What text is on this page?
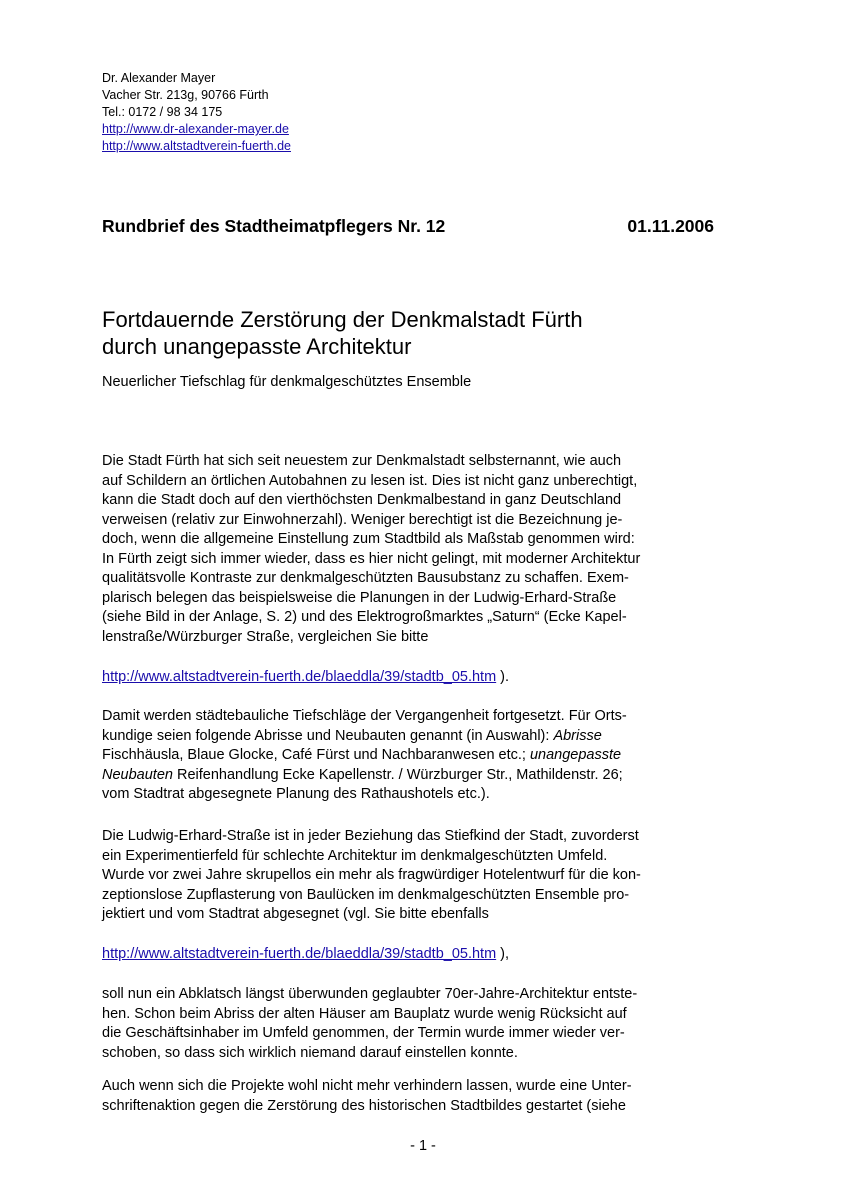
Dr. Alexander Mayer
Vacher Str. 213g, 90766 Fürth
Tel.: 0172 / 98 34 175
http://www.dr-alexander-mayer.de
http://www.altstadtverein-fuerth.de
Rundbrief des Stadtheimatpflegers Nr. 12	01.11.2006
Fortdauernde Zerstörung der Denkmalstadt Fürth
durch unangepasste Architektur
Neuerlicher Tiefschlag für denkmalgeschütztes Ensemble
Die Stadt Fürth hat sich seit neuestem zur Denkmalstadt selbsternannt, wie auch
auf Schildern an örtlichen Autobahnen zu lesen ist. Dies ist nicht ganz unberechtigt,
kann die Stadt doch auf den vierthöchsten Denkmalbestand in ganz Deutschland
verweisen (relativ zur Einwohnerzahl). Weniger berechtigt ist die Bezeichnung je-
doch, wenn die allgemeine Einstellung zum Stadtbild als Maßstab genommen wird:
In Fürth zeigt sich immer wieder, dass es hier nicht gelingt, mit moderner Architektur
qualitätsvolle Kontraste zur denkmalgeschützten Bausubstanz zu schaffen. Exem-
plarisch belegen das beispielsweise die Planungen in der Ludwig-Erhard-Straße
(siehe Bild in der Anlage, S. 2) und des Elektrogroßmarktes „Saturn“ (Ecke Kapel-
lenstraße/Würzburger Straße, vergleichen Sie bitte
http://www.altstadtverein-fuerth.de/blaeddla/39/stadtb_05.htm ).
Damit werden städtebauliche Tiefschläge der Vergangenheit fortgesetzt. Für Orts-
kundige seien folgende Abrisse und Neubauten genannt (in Auswahl): Abrisse
Fischhäusla, Blaue Glocke, Café Fürst und Nachbaranwesen etc.; unangepasste
Neubauten Reifenhandlung Ecke Kapellenstr. / Würzburger Str., Mathildenstr. 26;
vom Stadtrat abgesegnete Planung des Rathaushotels etc.).
Die Ludwig-Erhard-Straße ist in jeder Beziehung das Stiefkind der Stadt, zuvorderst
ein Experimentierfeld für schlechte Architektur im denkmalgeschützten Umfeld.
Wurde vor zwei Jahre skrupellos ein mehr als fragwürdiger Hotelentwurf für die kon-
zeptionslose Zupflasterung von Baulücken im denkmalgeschützten Ensemble pro-
jektiert und vom Stadtrat abgesegnet (vgl. Sie bitte ebenfalls
http://www.altstadtverein-fuerth.de/blaeddla/39/stadtb_05.htm ),
soll nun ein Abklatsch längst überwunden geglaubter 70er-Jahre-Architektur entste-
hen. Schon beim Abriss der alten Häuser am Bauplatz wurde wenig Rücksicht auf
die Geschäftsinhaber im Umfeld genommen, der Termin wurde immer wieder ver-
schoben, so dass sich wirklich niemand darauf einstellen konnte.
Auch wenn sich die Projekte wohl nicht mehr verhindern lassen, wurde eine Unter-
schriftenaktion gegen die Zerstörung des historischen Stadtbildes gestartet (siehe
- 1 -
